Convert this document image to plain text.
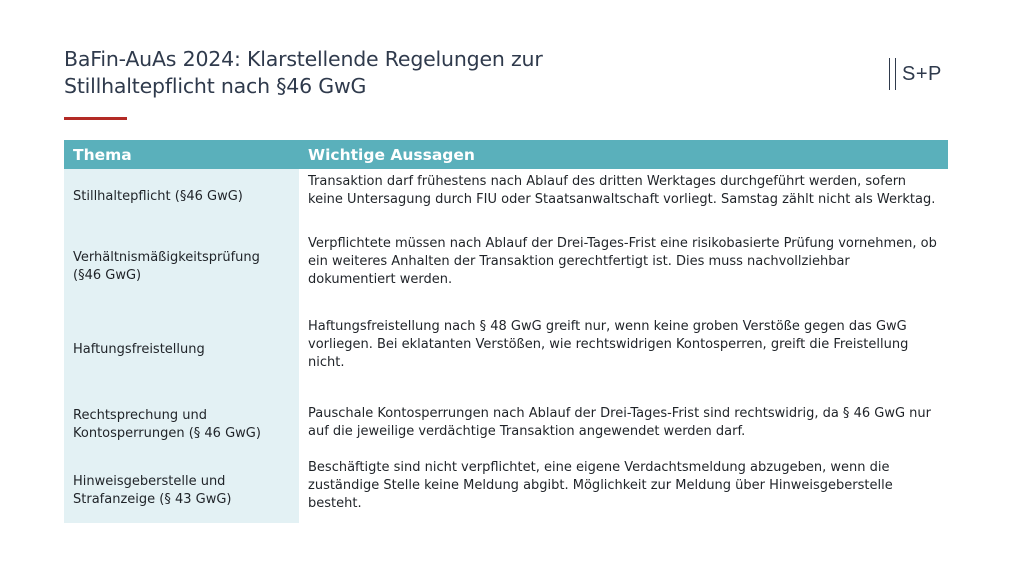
BaFin-AuAs 2024: Klarstellende Regelungen zur
Stillhaltepflicht nach §46 GwG
S+P
Thema	Wichtige Aussagen
Stillhaltepflicht (§46 GwG)
Transaktion darf frühestens nach Ablauf des dritten Werktages durchgeführt werden, sofern keine Untersagung durch FIU oder Staatsanwaltschaft vorliegt. Samstag zählt nicht als Werktag.
Verhältnismäßigkeitsprüfung (§46 GwG)
Verpflichtete müssen nach Ablauf der Drei-Tages-Frist eine risikobasierte Prüfung vornehmen, ob ein weiteres Anhalten der Transaktion gerechtfertigt ist. Dies muss nachvollziehbar dokumentiert werden.
Haftungsfreistellung
Haftungsfreistellung nach § 48 GwG greift nur, wenn keine groben Verstöße gegen das GwG vorliegen. Bei eklatanten Verstößen, wie rechtswidrigen Kontosperren, greift die Freistellung nicht.
Rechtsprechung und Kontosperrungen (§ 46 GwG)
Pauschale Kontosperrungen nach Ablauf der Drei-Tages-Frist sind rechtswidrig, da § 46 GwG nur auf die jeweilige verdächtige Transaktion angewendet werden darf.
Hinweisgeberstelle und Strafanzeige (§ 43 GwG)
Beschäftigte sind nicht verpflichtet, eine eigene Verdachtsmeldung abzugeben, wenn die zuständige Stelle keine Meldung abgibt. Möglichkeit zur Meldung über Hinweisgeberstelle besteht.
